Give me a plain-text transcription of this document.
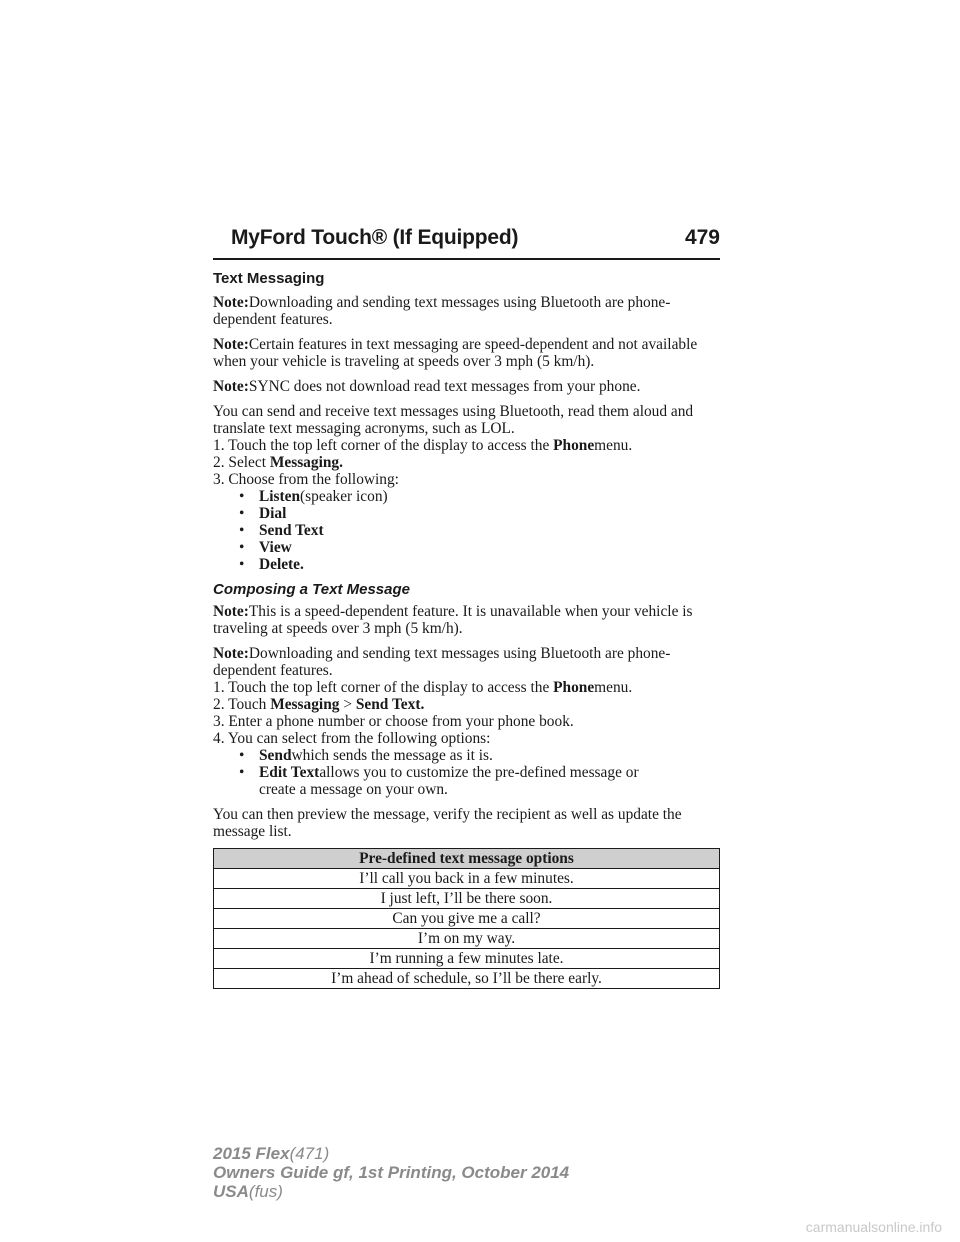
MyFord Touch® (If Equipped)	479
Text Messaging

Note:Downloading and sending text messages using Bluetooth are phone-dependent features.

Note:Certain features in text messaging are speed-dependent and not available when your vehicle is traveling at speeds over 3 mph (5 km/h).

Note:SYNC does not download read text messages from your phone.

You can send and receive text messages using Bluetooth, read them aloud and translate text messaging acronyms, such as LOL.
1. Touch the top left corner of the display to access the Phonemenu.
2. Select Messaging.
3. Choose from the following:
• Listen(speaker icon)
• Dial
• Send Text
• View
• Delete.
Composing a Text Message

Note:This is a speed-dependent feature. It is unavailable when your vehicle is traveling at speeds over 3 mph (5 km/h).

Note:Downloading and sending text messages using Bluetooth are phone-dependent features.
1. Touch the top left corner of the display to access the Phonemenu.
2. Touch Messaging > Send Text.
3. Enter a phone number or choose from your phone book.
4. You can select from the following options:
• Sendwhich sends the message as it is.
• Edit Textallows you to customize the pre-defined message or
create a message on your own.

You can then preview the message, verify the recipient as well as update the message list.

Pre-defined text message options
I’ll call you back in a few minutes.
I just left, I’ll be there soon.
Can you give me a call?
I’m on my way.
I’m running a few minutes late.
I’m ahead of schedule, so I’ll be there early.
2015 Flex(471)
Owners Guide gf, 1st Printing, October 2014
USA(fus)
carmanualsonline.info
